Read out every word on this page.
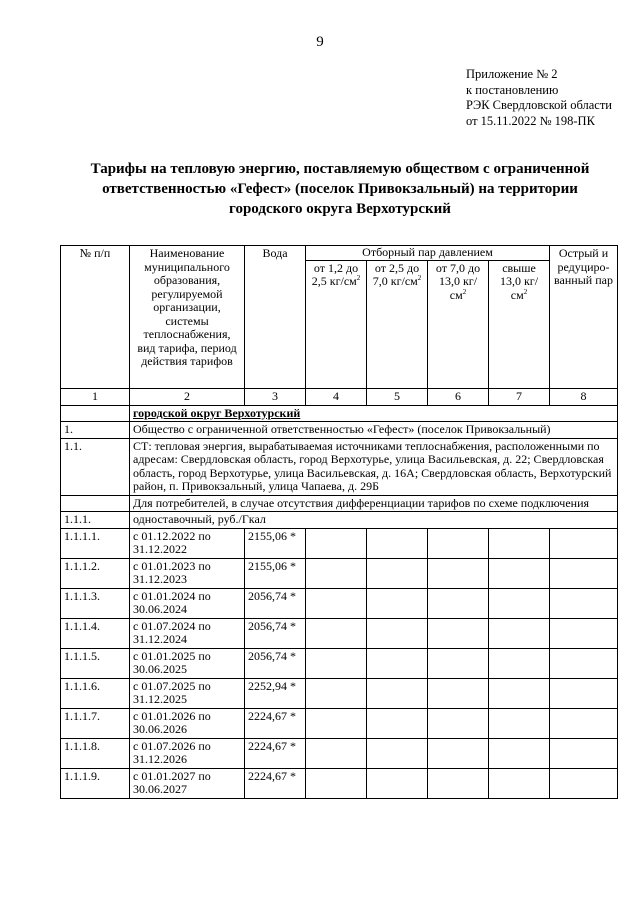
9
Приложение № 2
к постановлению
РЭК Свердловской области
от 15.11.2022 № 198-ПК
Тарифы на тепловую энергию, поставляемую обществом с ограниченной
ответственностью «Гефест» (поселок Привокзальный) на территории
городского округа Верхотурский
№ п/п	Наименование муниципального образования, регулируемой организации, системы теплоснабжения, вид тарифа, период действия тарифов	Вода	Отборный пар давлением				Острый и редуциро-ванный пар
			от 1,2 до 2,5 $кг/см^2$	от 2,5 до 7,0 $кг/см^2$	от 7,0 до 13,0 $кг/см^2$	свыше 13,0 $кг/см^2$
1	2	3	4	5	6	7	8
	городской округ Верхотурский						
1.	Общество с ограниченной ответственностью «Гефест» (поселок Привокзальный)						
1.1.	СТ: тепловая энергия, вырабатываемая источниками теплоснабжения, расположенными по адресам: Свердловская область, город Верхотурье, улица Васильевская, д. 22; Свердловская область, город Верхотурье, улица Васильевская, д. 16А; Свердловская область, Верхотурский район, п. Привокзальный, улица Чапаева, д. 29Б						
	Для потребителей, в случае отсутствия дифференциации тарифов по схеме подключения						
1.1.1.	одноставочный, руб./Гкал						
1.1.1.1.	с 01.12.2022 по 31.12.2022	2155,06 *					
1.1.1.2.	с 01.01.2023 по 31.12.2023	2155,06 *					
1.1.1.3.	с 01.01.2024 по 30.06.2024	2056,74 *					
1.1.1.4.	с 01.07.2024 по 31.12.2024	2056,74 *					
1.1.1.5.	с 01.01.2025 по 30.06.2025	2056,74 *					
1.1.1.6.	с 01.07.2025 по 31.12.2025	2252,94 *					
1.1.1.7.	с 01.01.2026 по 30.06.2026	2224,67 *					
1.1.1.8.	с 01.07.2026 по 31.12.2026	2224,67 *					
1.1.1.9.	с 01.01.2027 по 30.06.2027	2224,67 *					
